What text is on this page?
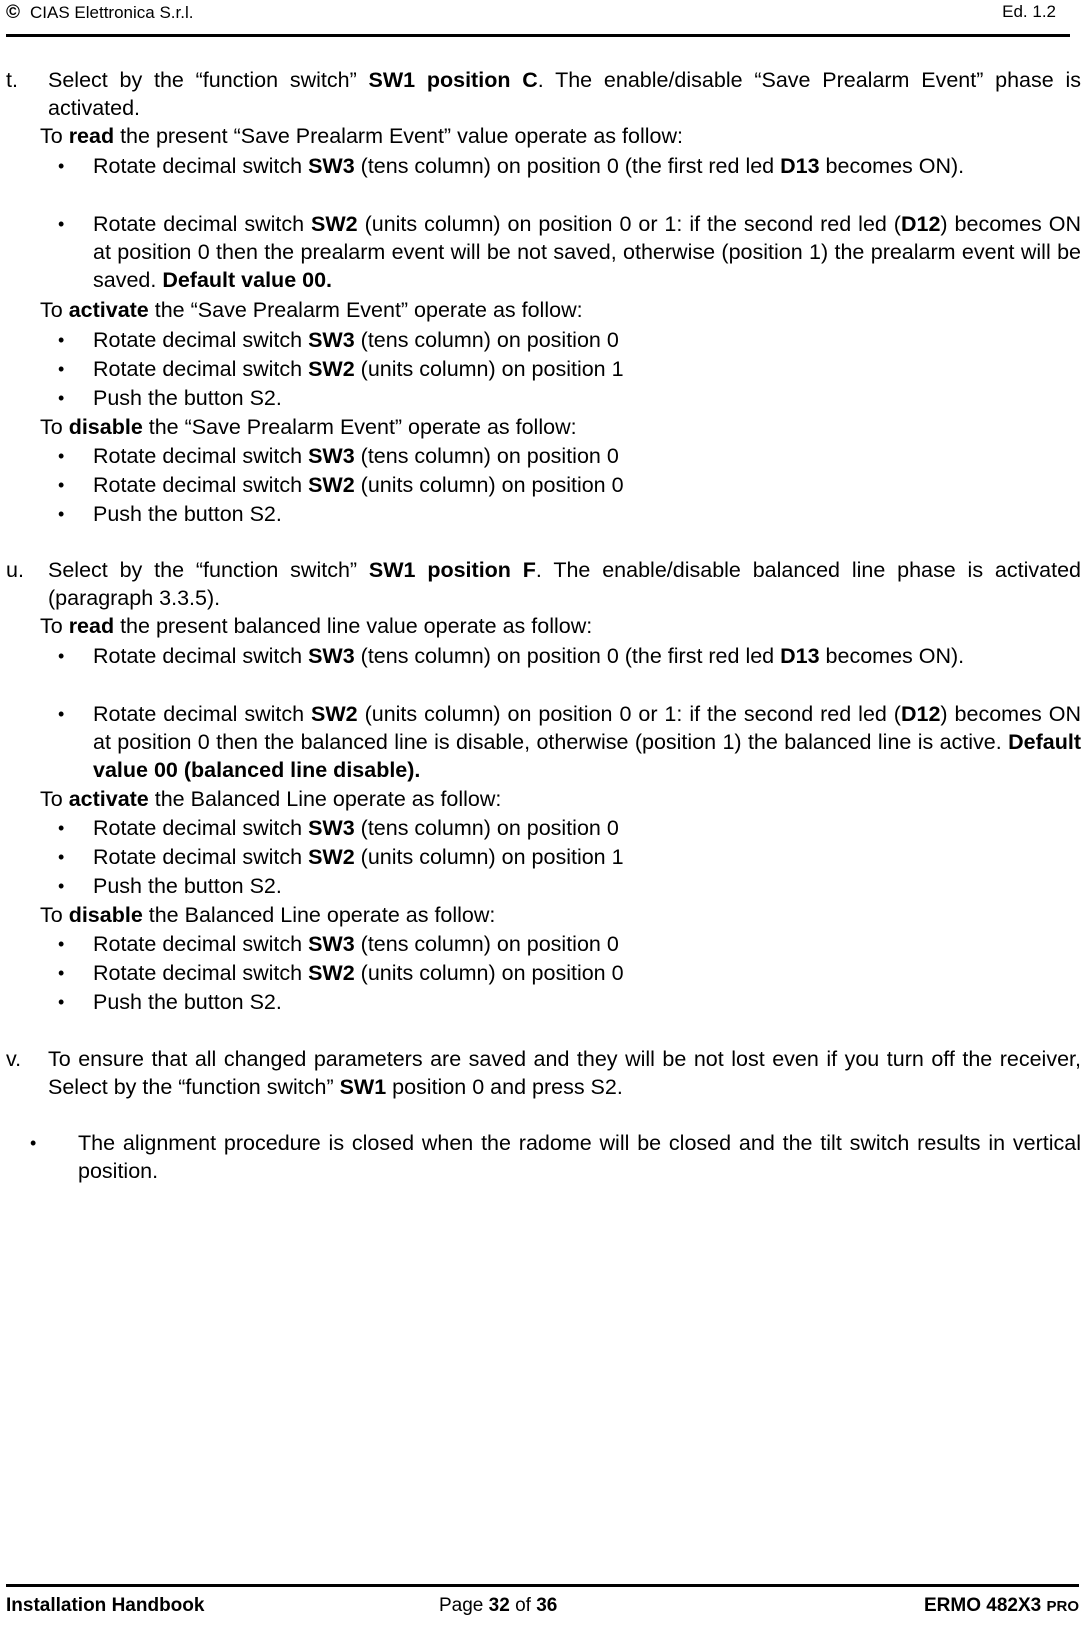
© CIAS Elettronica S.r.l.	Ed. 1.2
t. Select by the “function switch” SW1 position C. The enable/disable “Save Prealarm Event” phase is activated.
To read the present “Save Prealarm Event” value operate as follow:
• Rotate decimal switch SW3 (tens column) on position 0 (the first red led D13 becomes ON).
• Rotate decimal switch SW2 (units column) on position 0 or 1: if the second red led (D12) becomes ON at position 0 then the prealarm event will be not saved, otherwise (position 1) the prealarm event will be saved. Default value 00.
To activate the “Save Prealarm Event” operate as follow:
• Rotate decimal switch SW3 (tens column) on position 0
• Rotate decimal switch SW2 (units column) on position 1
• Push the button S2.
To disable the “Save Prealarm Event” operate as follow:
• Rotate decimal switch SW3 (tens column) on position 0
• Rotate decimal switch SW2 (units column) on position 0
• Push the button S2.
u. Select by the “function switch” SW1 position F. The enable/disable balanced line phase is activated (paragraph 3.3.5).
To read the present balanced line value operate as follow:
• Rotate decimal switch SW3 (tens column) on position 0 (the first red led D13 becomes ON).
• Rotate decimal switch SW2 (units column) on position 0 or 1: if the second red led (D12) becomes ON at position 0 then the balanced line is disable, otherwise (position 1) the balanced line is active. Default value 00 (balanced line disable).
To activate the Balanced Line operate as follow:
• Rotate decimal switch SW3 (tens column) on position 0
• Rotate decimal switch SW2 (units column) on position 1
• Push the button S2.
To disable the Balanced Line operate as follow:
• Rotate decimal switch SW3 (tens column) on position 0
• Rotate decimal switch SW2 (units column) on position 0
• Push the button S2.
v. To ensure that all changed parameters are saved and they will be not lost even if you turn off the receiver, Select by the “function switch” SW1 position 0 and press S2.
• The alignment procedure is closed when the radome will be closed and the tilt switch results in vertical position.
Installation Handbook	Page 32 of 36	ERMO 482X3 PRO
